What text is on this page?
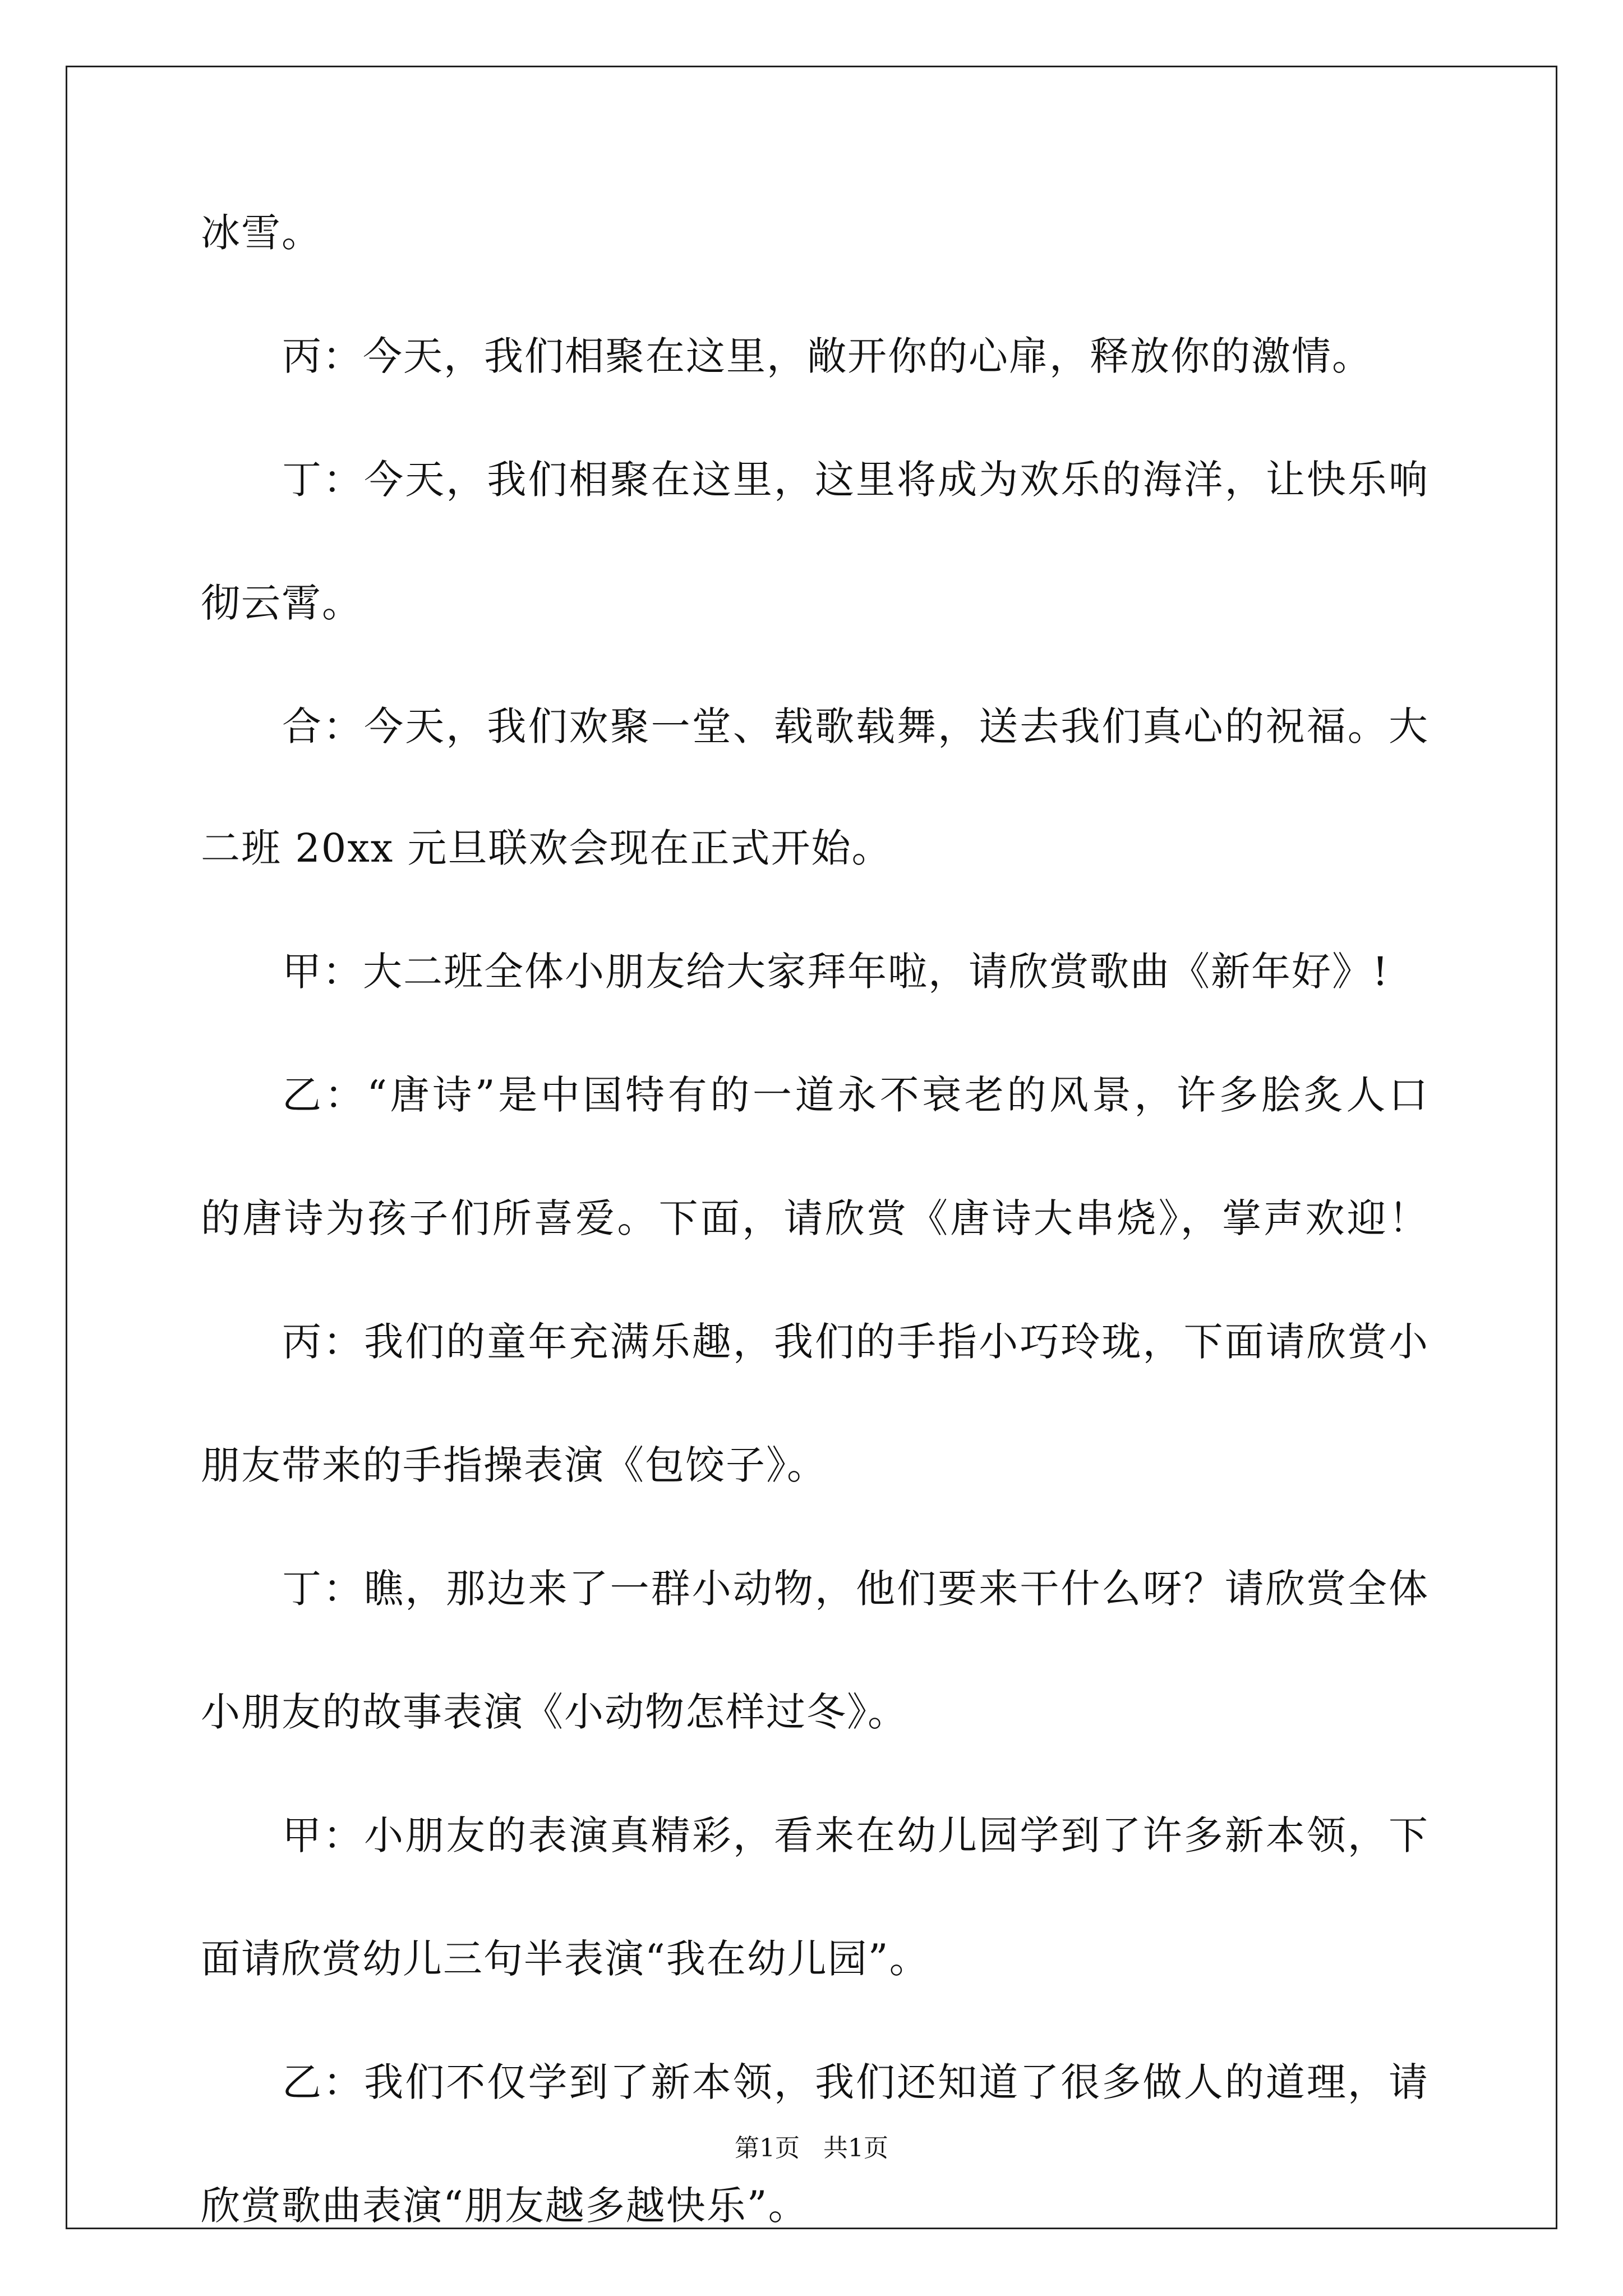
冰雪。
丙：今天，我们相聚在这里，敞开你的心扉，释放你的激情。
丁：今天，我们相聚在这里，这里将成为欢乐的海洋，让快乐响
彻云霄。
合：今天，我们欢聚一堂、载歌载舞，送去我们真心的祝福。大
二班 20xx 元旦联欢会现在正式开始。
甲：大二班全体小朋友给大家拜年啦，请欣赏歌曲《新年好》!
乙：“唐诗”是中国特有的一道永不衰老的风景，许多脍炙人口
的唐诗为孩子们所喜爱。下面，请欣赏《唐诗大串烧》，掌声欢迎！
丙：我们的童年充满乐趣，我们的手指小巧玲珑，下面请欣赏小
朋友带来的手指操表演《包饺子》。
丁：瞧，那边来了一群小动物，他们要来干什么呀？请欣赏全体
小朋友的故事表演《小动物怎样过冬》。
甲：小朋友的表演真精彩，看来在幼儿园学到了许多新本领，下
面请欣赏幼儿三句半表演“我在幼儿园”。
乙：我们不仅学到了新本领，我们还知道了很多做人的道理，请
欣赏歌曲表演“朋友越多越快乐”。
第1页   共1页
